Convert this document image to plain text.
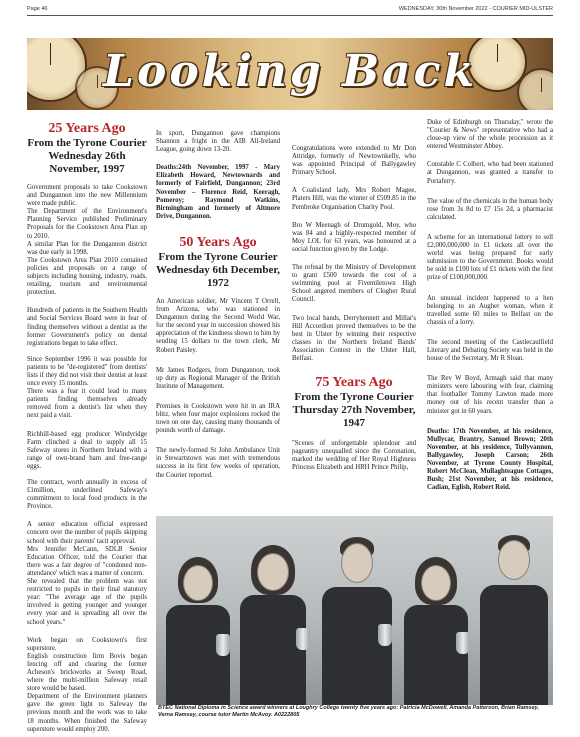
Page 46	WEDNESDAY, 30th November 2022 - COURIER MID-ULSTER
Looking Back
25 Years Ago
From the Tyrone Courier
Wednesday 26th November, 1997
Government proposals to take Cookstown and Dungannon into the new Millennium were made public.
The Department of the Environment's Planning Service published Preliminary Proposals for the Cookstown Area Plan up to 2010.
A similar Plan for the Dungannon district was due early in 1998.

The Cookstown Area Plan 2010 contained policies and proposals on a range of subjects including housing, industry, roads, retailing, tourism and environmental protection.

Hundreds of patients in the Southern Health and Social Services Board were in fear of finding themselves without a dentist as the former Government's policy on dental registrations began to take effect.

Since September 1996 it was possible for patients to be "de-registered" from dentists' lists if they did not visit their dentist at least once every 15 months.

There was a fear it could lead to many patients finding themselves already removed from a dentist's list when they next paid a visit.

Richhill-based egg producer Windyridge Farm clinched a deal to supply all 15 Safeway stores in Northern Ireland with a range of own-brand barn and free-range eggs.

The contract, worth annually in excess of £1million, underlined Safeway's commitment to local food products in the Province.

A senior education official expressed concern over the number of pupils skipping school with their parents' tacit approval.
Mrs Jennifer McCann, SDLB Senior Education Officer, told the Courier that there was a fair degree of "condoned non-attendance' which was a matter of concern.

She revealed that the problem was not restricted to pupils in their final statutory year: "The average age of the pupils involved is getting younger and younger every year and is spreading all over the school years."

Work began on Cookstown's first superstore.
English construction firm Bovis began fencing off and clearing the former Acheson's brickworks at Sweep Road, where the multi-million Safeway retail store would be based.
Department of the Environment planners gave the green light to Safeway the previous month and the work was to take 18 months. When finished the Safeway superstore would employ 200.

In sport, Dungannon gave champions Shannon a fright in the AIB All-Ireland League, going down 13-20.

Deaths:24th November, 1997 - Mary Elizabeth Howard, Newtownards and formerly of Fairfield, Dungannon; 23rd November – Florence Reid, Keeragh, Pomeroy; Raymond Watkins, Birmingham and formerly of Altmore Drive, Dungannon.

50 Years Ago
From the Tyrone Courier
Wednesday 6th December, 1972

An American soldier, Mr Vincent T Orrell, from Arizona, who was stationed in Dungannon during the Second World War, for the second year in succession showed his appreciation of the kindness shown to him by sending 15 dollars to the town clerk, Mr Robert Paisley.

Mr James Rodgers, from Dungannon, took up duty as Regional Manager of the British Institute of Management.

Premises in Cookstown were hit in an IRA blitz, when four major explosions rocked the town on one day, causing many thousands of pounds worth of damage.

The newly-formed St John Ambulance Unit in Stewartstown was met with tremendous success in its first few weeks of operation, the Courier reported.

Congratulations were extended to Mr Don Attridge, formerly of Newtownkelly, who was appointed Principal of Ballygawley Primary School.

A Coalisland lady, Mrs Robert Magee, Platers Hill, was the winner of £509.85 in the Pembroke Organisation Charity Pool.

Bro W Meenagh of Drumgold, Moy, who was 84 and a highly-respected member of Moy LOL for 63 years, was honoured at a social function given by the Lodge.

The refusal by the Ministry of Development to grant £500 towards the cost of a swimming pool at Fivemiletown High School angered members of Clogher Rural Council.

Two local bands, Derryhennett and Millar's Hill Accordion proved themselves to be the best in Ulster by winning their respective classes in the Northern Ireland Bands' Association Contest in the Ulster Hall, Belfast.

75 Years Ago
From the Tyrone Courier
Thursday 27th November, 1947

"Scenes of unforgettable splendour and pageantry unequalled since the Coronation, marked the wedding of Her Royal Highness Princess Elizabeth and HRH Prince Philip,

Duke of Edinburgh on Thursday," wrote the "Courier & News" representative who had a close-up view of the whole procession as it entered Westminster Abbey.

Constable C Colbert, who had been stationed at Dungannon, was granted a transfer to Portaferry.

The value of the chemicals in the human body rose from 3s 8d to £7 15s 2d, a pharmacist calculated.

A scheme for an international lottery to sell £2,000,000,000 in £1 tickets all over the world was being prepared for early submission to the Government. Books would be sold in £100 lots of £1 tickets with the first prize of £100,000,000.

An unusual incident happened to a hen belonging to an Augher woman, when it travelled some 60 miles to Belfast on the chassis of a lorry.

The second meeting of the Castlecaulfield Literary and Debating Society was held in the house of the Secretary, Mr R Sloan.

The Rev W Boyd, Armagh said that many ministers were labouring with fear, claiming that footballer Tommy Lawton made more money out of his recent transfer than a minister got in 60 years.

Deaths: 17th November, at his residence, Mullycar, Brantry, Samuel Brown; 20th November, at his residence, Tullyvannon, Ballygawley, Joseph Carson; 26th November, at Tyrone County Hospital, Robert McClean, Mullaghteague Cottages, Bush; 21st November, at his residence, Cadian, Eglish, Robert Reid.

BTEC National Diploma in Science award winners at Loughry College twenty five years ago: Patricia McDowell, Amanda Patterson, Brian Ramsey, Verna Ramsey, course tutor Martin McAvoy. A0222805
